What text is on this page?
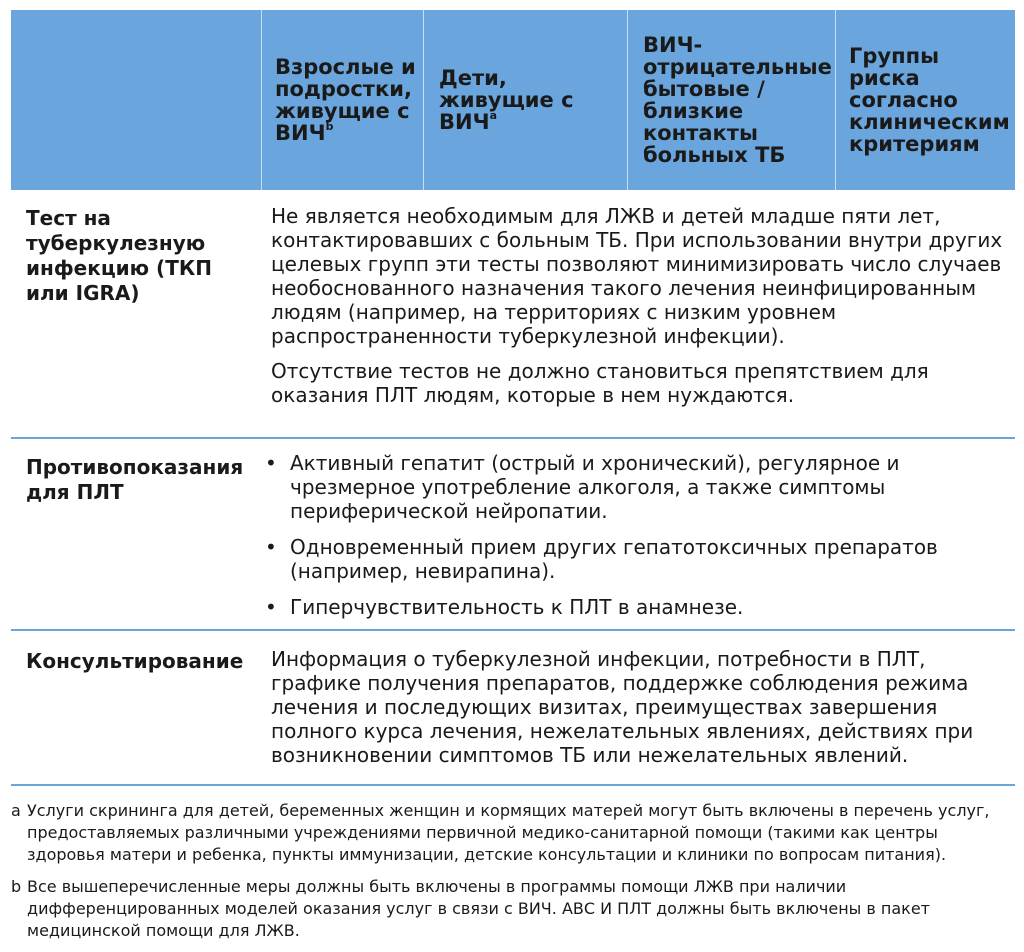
Взрослые и подростки, живущие с ВИЧ$^b$
Дети, живущие с ВИЧ$^a$
ВИЧ-отрицательные бытовые / близкие контакты больных ТБ
Группы риска согласно клиническим критериям
Тест на туберкулезную инфекцию (ТКП или IGRA)

Не является необходимым для ЛЖВ и детей младше пяти лет, контактировавших с больным ТБ. При использовании внутри других целевых групп эти тесты позволяют минимизировать число случаев необоснованного назначения такого лечения неинфицированным людям (например, на территориях с низким уровнем распространенности туберкулезной инфекции).

Отсутствие тестов не должно становиться препятствием для оказания ПЛТ людям, которые в нем нуждаются.

Противопоказания для ПЛТ
• Активный гепатит (острый и хронический), регулярное и чрезмерное употребление алкоголя, а также симптомы периферической нейропатии.
• Одновременный прием других гепатотоксичных препаратов (например, невирапина).
• Гиперчувствительность к ПЛТ в анамнезе.
Консультирование	Информация о туберкулезной инфекции, потребности в ПЛТ, графике получения препаратов, поддержке соблюдения режима лечения и последующих визитах, преимуществах завершения полного курса лечения, нежелательных явлениях, действиях при возникновении симптомов ТБ или нежелательных явлений.

a Услуги скрининга для детей, беременных женщин и кормящих матерей могут быть включены в перечень услуг, предоставляемых различными учреждениями первичной медико-санитарной помощи (такими как центры здоровья матери и ребенка, пункты иммунизации, детские консультации и клиники по вопросам питания).
b Все вышеперечисленные меры должны быть включены в программы помощи ЛЖВ при наличии дифференцированных моделей оказания услуг в связи с ВИЧ. АВС И ПЛТ должны быть включены в пакет медицинской помощи для ЛЖВ.
